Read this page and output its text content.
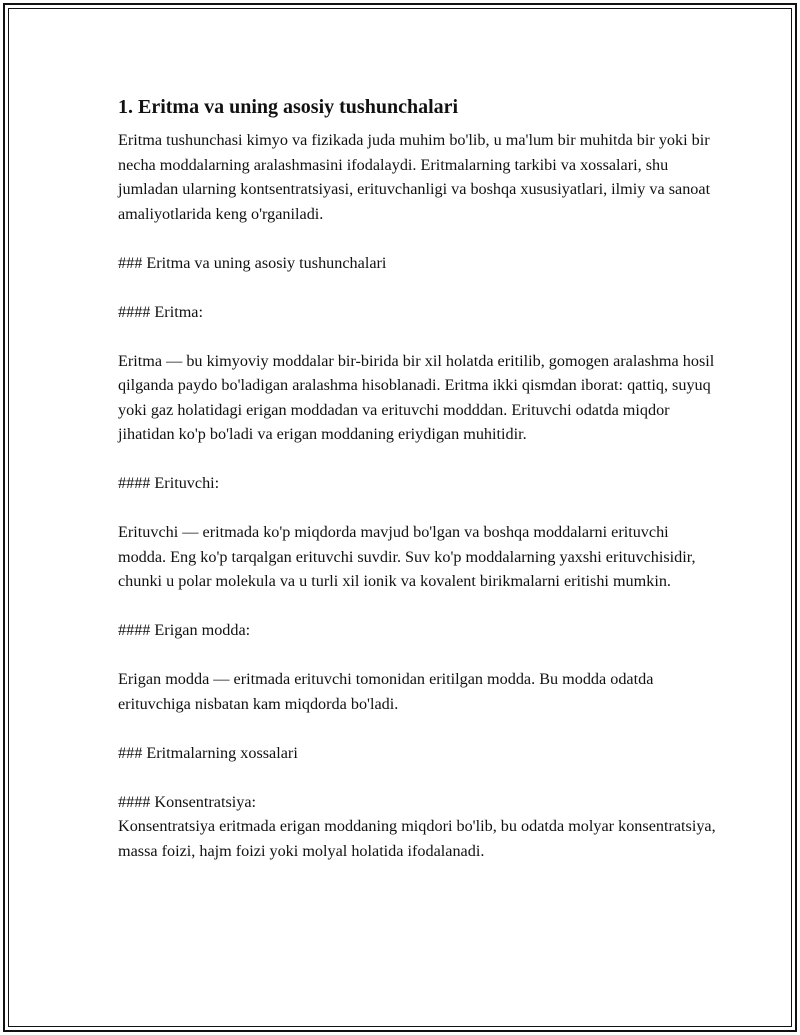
1. Eritma va uning asosiy tushunchalari

Eritma tushunchasi kimyo va fizikada juda muhim bo'lib, u ma'lum bir muhitda bir yoki bir necha moddalarning aralashmasini ifodalaydi. Eritmalarning tarkibi va xossalari, shu jumladan ularning kontsentratsiyasi, erituvchanligi va boshqa xususiyatlari, ilmiy va sanoat amaliyotlarida keng o'rganiladi.

### Eritma va uning asosiy tushunchalari

#### Eritma:

Eritma — bu kimyoviy moddalar bir-birida bir xil holatda eritilib, gomogen aralashma hosil qilganda paydo bo'ladigan aralashma hisoblanadi. Eritma ikki qismdan iborat: qattiq, suyuq yoki gaz holatidagi erigan moddadan va erituvchi modddan. Erituvchi odatda miqdor jihatidan ko'p bo'ladi va erigan moddaning eriydigan muhitidir.

#### Erituvchi:

Erituvchi — eritmada ko'p miqdorda mavjud bo'lgan va boshqa moddalarni erituvchi modda. Eng ko'p tarqalgan erituvchi suvdir. Suv ko'p moddalarning yaxshi erituvchisidir, chunki u polar molekula va u turli xil ionik va kovalent birikmalarni eritishi mumkin.

#### Erigan modda:

Erigan modda — eritmada erituvchi tomonidan eritilgan modda. Bu modda odatda erituvchiga nisbatan kam miqdorda bo'ladi.

### Eritmalarning xossalari

#### Konsentratsiya:

Konsentratsiya eritmada erigan moddaning miqdori bo'lib, bu odatda molyar konsentratsiya, massa foizi, hajm foizi yoki molyal holatida ifodalanadi.
